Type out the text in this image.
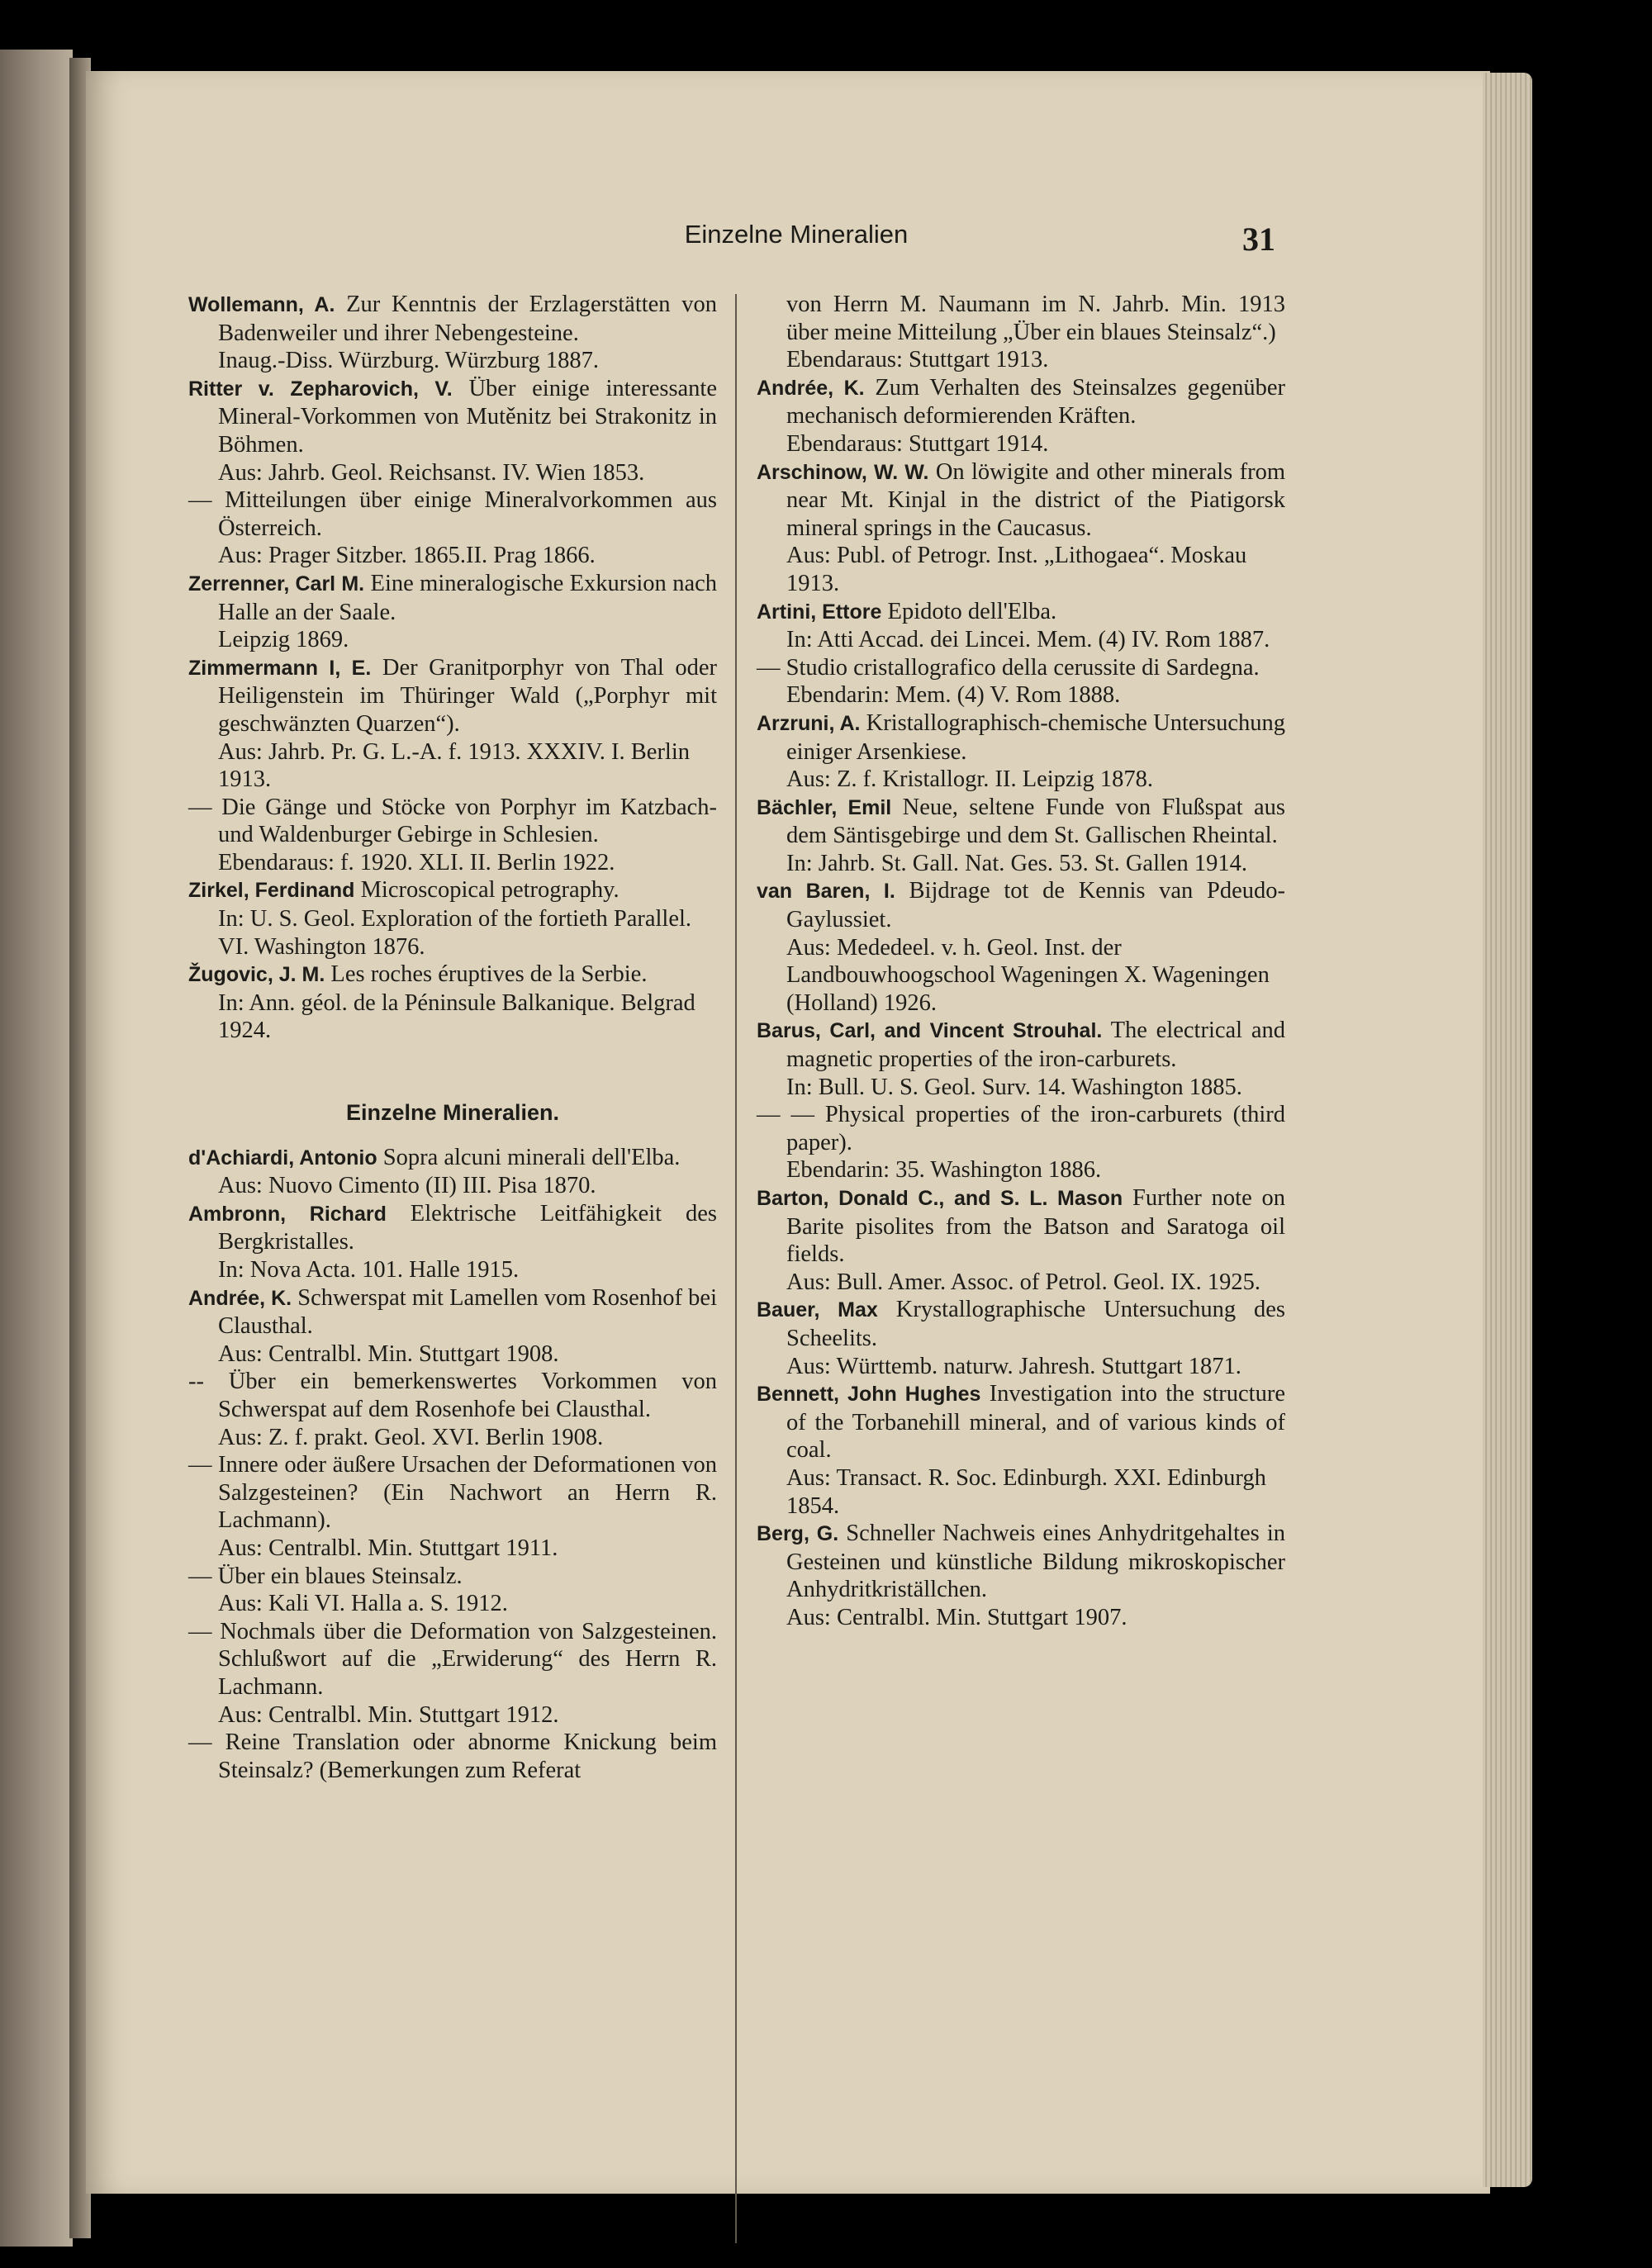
Einzelne Mineralien	31
Wollemann, A. Zur Kenntnis der Erzlagerstätten von Badenweiler und ihrer Nebengesteine.
Inaug.-Diss. Würzburg. Würzburg 1887.
Ritter v. Zepharovich, V. Über einige interessante Mineral-Vorkommen von Mutěnitz bei Strakonitz in Böhmen.
Aus: Jahrb. Geol. Reichsanst. IV. Wien 1853.
— Mitteilungen über einige Mineralvorkommen aus Österreich.
Aus: Prager Sitzber. 1865.II. Prag 1866.
Zerrenner, Carl M. Eine mineralogische Exkursion nach Halle an der Saale.
Leipzig 1869.
Zimmermann I, E. Der Granitporphyr von Thal oder Heiligenstein im Thüringer Wald („Porphyr mit geschwänzten Quarzen“).
Aus: Jahrb. Pr. G. L.-A. f. 1913. XXXIV. I. Berlin 1913.
— Die Gänge und Stöcke von Porphyr im Katzbach- und Waldenburger Gebirge in Schlesien.
Ebendaraus: f. 1920. XLI. II. Berlin 1922.
Zirkel, Ferdinand Microscopical petrography.
In: U. S. Geol. Exploration of the fortieth Parallel. VI. Washington 1876.
Žugovic, J. M. Les roches éruptives de la Serbie.
In: Ann. géol. de la Péninsule Balkanique. Belgrad 1924.
Einzelne Mineralien.
d'Achiardi, Antonio Sopra alcuni minerali dell'Elba.
Aus: Nuovo Cimento (II) III. Pisa 1870.
Ambronn, Richard Elektrische Leitfähigkeit des Bergkristalles.
In: Nova Acta. 101. Halle 1915.
Andrée, K. Schwerspat mit Lamellen vom Rosenhof bei Clausthal.
Aus: Centralbl. Min. Stuttgart 1908.
-- Über ein bemerkenswertes Vorkommen von Schwerspat auf dem Rosenhofe bei Clausthal.
Aus: Z. f. prakt. Geol. XVI. Berlin 1908.
— Innere oder äußere Ursachen der Deformationen von Salzgesteinen? (Ein Nachwort an Herrn R. Lachmann).
Aus: Centralbl. Min. Stuttgart 1911.
— Über ein blaues Steinsalz.
Aus: Kali VI. Halla a. S. 1912.
— Nochmals über die Deformation von Salzgesteinen. Schlußwort auf die „Erwiderung“ des Herrn R. Lachmann.
Aus: Centralbl. Min. Stuttgart 1912.
— Reine Translation oder abnorme Knickung beim Steinsalz? (Bemerkungen zum Referat
von Herrn M. Naumann im N. Jahrb. Min. 1913 über meine Mitteilung „Über ein blaues Steinsalz“.)
Ebendaraus: Stuttgart 1913.
Andrée, K. Zum Verhalten des Steinsalzes gegenüber mechanisch deformierenden Kräften.
Ebendaraus: Stuttgart 1914.
Arschinow, W. W. On löwigite and other minerals from near Mt. Kinjal in the district of the Piatigorsk mineral springs in the Caucasus.
Aus: Publ. of Petrogr. Inst. „Lithogaea“. Moskau 1913.
Artini, Ettore Epidoto dell'Elba.
In: Atti Accad. dei Lincei. Mem. (4) IV. Rom 1887.
— Studio cristallografico della cerussite di Sardegna.
Ebendarin: Mem. (4) V. Rom 1888.
Arzruni, A. Kristallographisch-chemische Untersuchung einiger Arsenkiese.
Aus: Z. f. Kristallogr. II. Leipzig 1878.
Bächler, Emil Neue, seltene Funde von Flußspat aus dem Säntisgebirge und dem St. Gallischen Rheintal.
In: Jahrb. St. Gall. Nat. Ges. 53. St. Gallen 1914.
van Baren, I. Bijdrage tot de Kennis van Pdeudo-Gaylussiet.
Aus: Mededeel. v. h. Geol. Inst. der Landbouwhoogschool Wageningen X. Wageningen (Holland) 1926.
Barus, Carl, and Vincent Strouhal. The electrical and magnetic properties of the iron-carburets.
In: Bull. U. S. Geol. Surv. 14. Washington 1885.
— — Physical properties of the iron-carburets (third paper).
Ebendarin: 35. Washington 1886.
Barton, Donald C., and S. L. Mason Further note on Barite pisolites from the Batson and Saratoga oil fields.
Aus: Bull. Amer. Assoc. of Petrol. Geol. IX. 1925.
Bauer, Max Krystallographische Untersuchung des Scheelits.
Aus: Württemb. naturw. Jahresh. Stuttgart 1871.
Bennett, John Hughes Investigation into the structure of the Torbanehill mineral, and of various kinds of coal.
Aus: Transact. R. Soc. Edinburgh. XXI. Edinburgh 1854.
Berg, G. Schneller Nachweis eines Anhydritgehaltes in Gesteinen und künstliche Bildung mikroskopischer Anhydritkriställchen.
Aus: Centralbl. Min. Stuttgart 1907.
